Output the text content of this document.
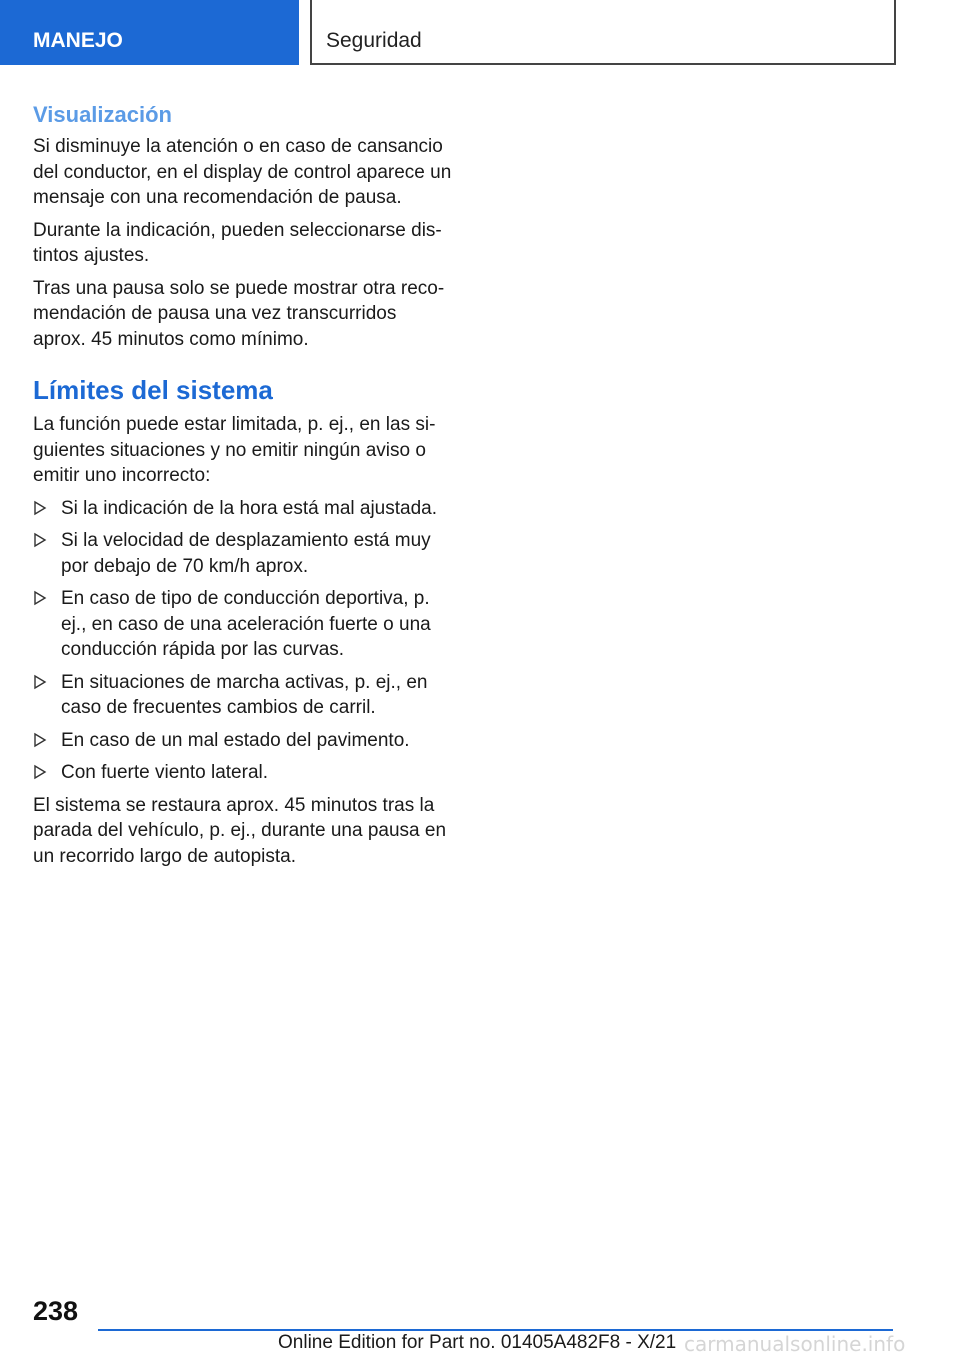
MANEJO	Seguridad
Visualización

Si disminuye la atención o en caso de cansancio del conductor, en el display de control aparece un mensaje con una recomendación de pausa.

Durante la indicación, pueden seleccionarse dis‐ tintos ajustes.

Tras una pausa solo se puede mostrar otra reco‐ mendación de pausa una vez transcurridos aprox. 45 minutos como mínimo.

Límites del sistema

La función puede estar limitada, p. ej., en las si‐ guientes situaciones y no emitir ningún aviso o emitir uno incorrecto:

Si la indicación de la hora está mal ajustada.
Si la velocidad de desplazamiento está muy por debajo de 70 km/h aprox.
En caso de tipo de conducción deportiva, p. ej., en caso de una aceleración fuerte o una conducción rápida por las curvas.
En situaciones de marcha activas, p. ej., en caso de frecuentes cambios de carril.
En caso de un mal estado del pavimento.
Con fuerte viento lateral.

El sistema se restaura aprox. 45 minutos tras la parada del vehículo, p. ej., durante una pausa en un recorrido largo de autopista.

238
Online Edition for Part no. 01405A482F8 - X/21 carmanualsonline.info
